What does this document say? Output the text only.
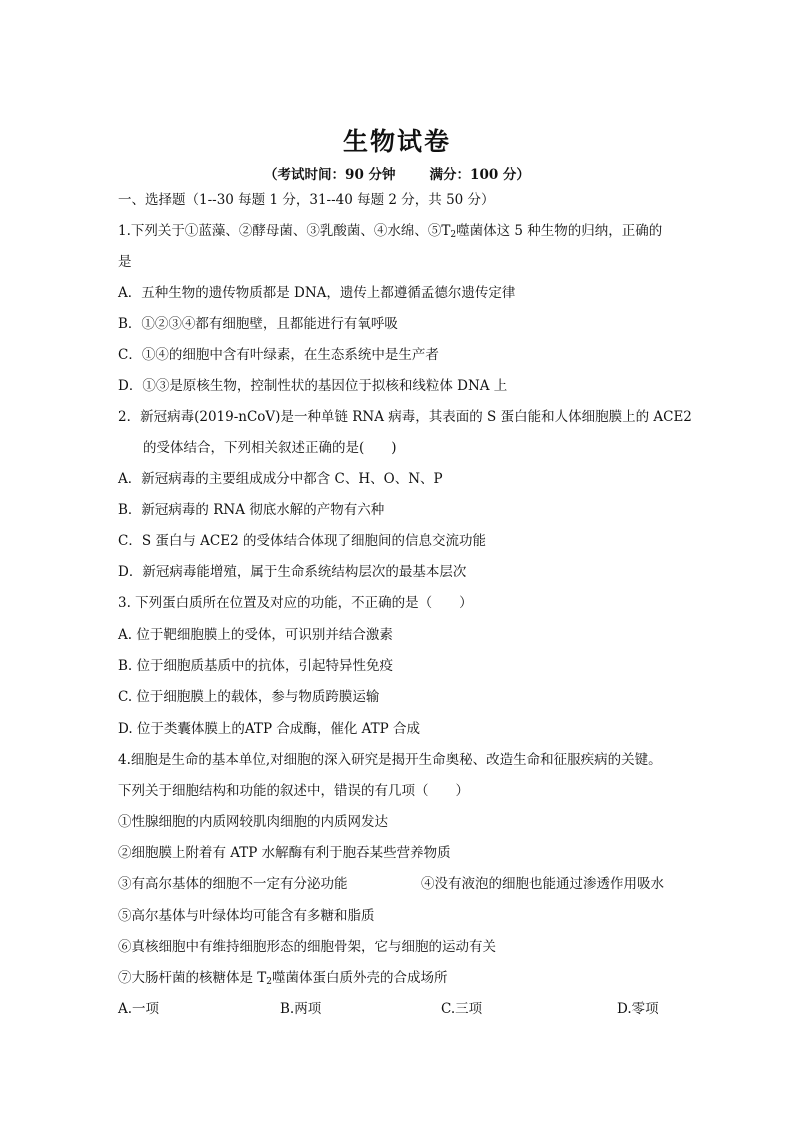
生物试卷
（考试时间：90 分钟	满分：100 分）
一、选择题（1--30 每题 1 分，31--40 每题 2 分，共 50 分）
1.下列关于①蓝藻、②酵母菌、③乳酸菌、④水绵、$⑤T_2$噬菌体这 5 种生物的归纳，正确的
是
A．五种生物的遗传物质都是 DNA，遗传上都遵循孟德尔遗传定律
B．①②③④都有细胞壁，且都能进行有氧呼吸
C．①④的细胞中含有叶绿素，在生态系统中是生产者
D．①③是原核生物，控制性状的基因位于拟核和线粒体 DNA 上
2．新冠病毒(2019-nCoV)是一种单链 RNA 病毒，其表面的 S 蛋白能和人体细胞膜上的 ACE2
的受体结合，下列相关叙述正确的是(　　)
A．新冠病毒的主要组成成分中都含 C、H、O、N、P
B．新冠病毒的 RNA 彻底水解的产物有六种
C．S 蛋白与 ACE2 的受体结合体现了细胞间的信息交流功能
D．新冠病毒能增殖，属于生命系统结构层次的最基本层次
3. 下列蛋白质所在位置及对应的功能，不正确的是（　　）
A. 位于靶细胞膜上的受体，可识别并结合激素
B. 位于细胞质基质中的抗体，引起特异性免疫
C. 位于细胞膜上的载体，参与物质跨膜运输
D. 位于类囊体膜上的ATP 合成酶，催化 ATP 合成
4.细胞是生命的基本单位,对细胞的深入研究是揭开生命奥秘、改造生命和征服疾病的关键。
下列关于细胞结构和功能的叙述中，错误的有几项（　　）
①性腺细胞的内质网较肌肉细胞的内质网发达
②细胞膜上附着有 ATP 水解酶有利于胞吞某些营养物质
③有高尔基体的细胞不一定有分泌功能	④没有液泡的细胞也能通过渗透作用吸水
⑤高尔基体与叶绿体均可能含有多糖和脂质
⑥真核细胞中有维持细胞形态的细胞骨架，它与细胞的运动有关
⑦大肠杆菌的核糖体是 $T_2$噬菌体蛋白质外壳的合成场所
A.一项	B.两项	C.三项	D.零项
